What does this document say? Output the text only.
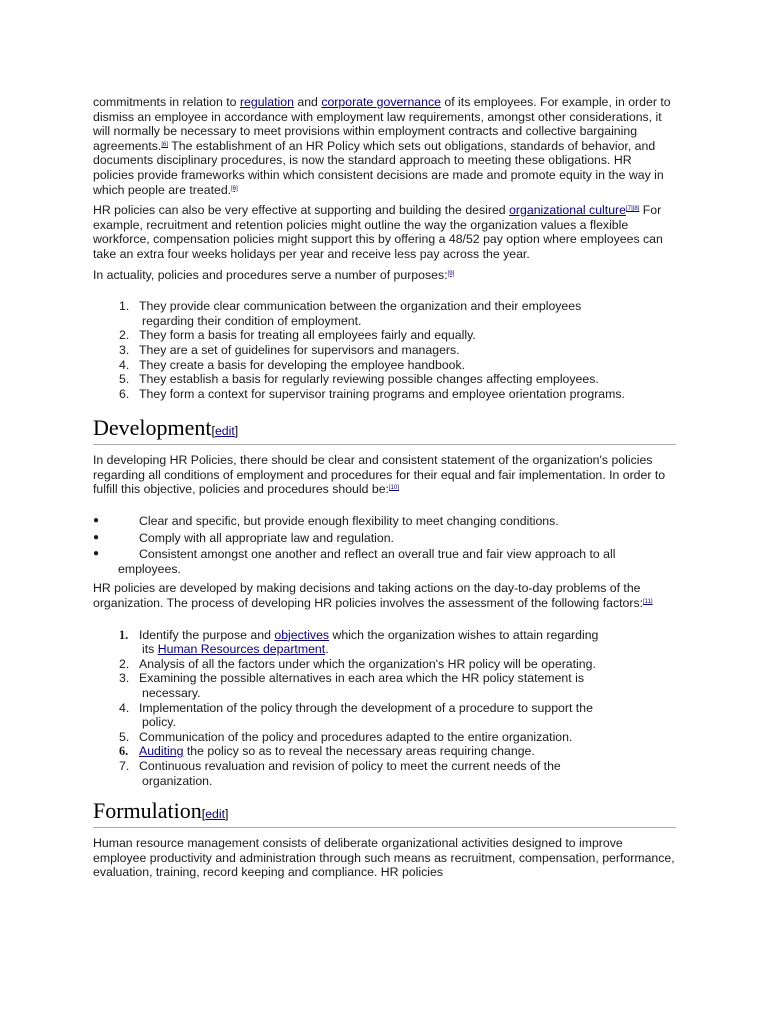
commitments in relation to regulation and corporate governance of its employees. For example, in order to dismiss an employee in accordance with employment law requirements, amongst other considerations, it will normally be necessary to meet provisions within employment contracts and collective bargaining agreements.[6] The establishment of an HR Policy which sets out obligations, standards of behavior, and documents disciplinary procedures, is now the standard approach to meeting these obligations. HR policies provide frameworks within which consistent decisions are made and promote equity in the way in which people are treated.[6]

HR policies can also be very effective at supporting and building the desired organizational culture[7][8] For example, recruitment and retention policies might outline the way the organization values a flexible workforce, compensation policies might support this by offering a 48/52 pay option where employees can take an extra four weeks holidays per year and receive less pay across the year.

In actuality, policies and procedures serve a number of purposes:[9]

1. They provide clear communication between the organization and their employees
regarding their condition of employment.
2. They form a basis for treating all employees fairly and equally.
3. They are a set of guidelines for supervisors and managers.
4. They create a basis for developing the employee handbook.
5. They establish a basis for regularly reviewing possible changes affecting employees.
6. They form a context for supervisor training programs and employee orientation programs.
Development[edit]

In developing HR Policies, there should be clear and consistent statement of the organization's policies regarding all conditions of employment and procedures for their equal and fair implementation. In order to fulfill this objective, policies and procedures should be:[10]

●	Clear and specific, but provide enough flexibility to meet changing conditions.
●	Comply with all appropriate law and regulation.
●	Consistent amongst one another and reflect an overall true and fair view approach to all
employees.

HR policies are developed by making decisions and taking actions on the day-to-day problems of the organization. The process of developing HR policies involves the assessment of the following factors:[11]

1. Identify the purpose and objectives which the organization wishes to attain regarding
its Human Resources department.
2. Analysis of all the factors under which the organization's HR policy will be operating.
3. Examining the possible alternatives in each area which the HR policy statement is
necessary.
4. Implementation of the policy through the development of a procedure to support the
policy.
5. Communication of the policy and procedures adapted to the entire organization.
6. Auditing the policy so as to reveal the necessary areas requiring change.
7. Continuous revaluation and revision of policy to meet the current needs of the
organization.
Formulation[edit]

Human resource management consists of deliberate organizational activities designed to improve employee productivity and administration through such means as recruitment, compensation, performance, evaluation, training, record keeping and compliance. HR policies
